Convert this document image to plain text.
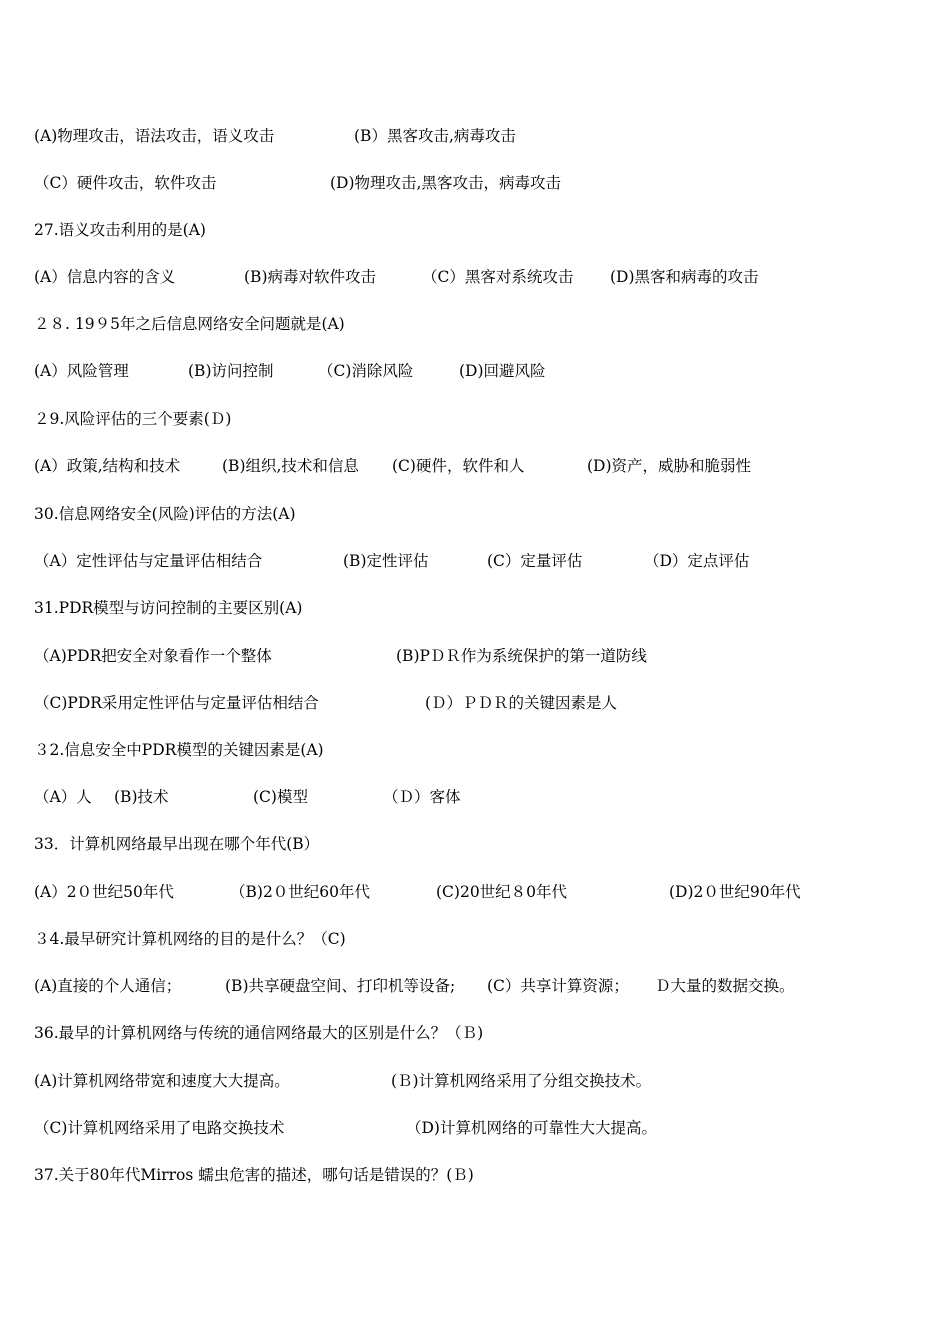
(A)物理攻击，语法攻击，语义攻击	(B）黑客攻击,病毒攻击
（C）硬件攻击，软件攻击	(D)物理攻击,黑客攻击，病毒攻击
27.语义攻击利用的是(A)
(A）信息内容的含义	(B)病毒对软件攻击	（C）黑客对系统攻击 (D)黑客和病毒的攻击
２８. 19９5年之后信息网络安全问题就是(A)
(A）风险管理	(B)访问控制	（C)消除风险	(D)回避风险
２9.风险评估的三个要素(Ｄ)
(A）政策,结构和技术	(B)组织,技术和信息 (C)硬件，软件和人	(D)资产，威胁和脆弱性
30.信息网络安全(风险)评估的方法(A)
（A）定性评估与定量评估相结合	(B)定性评估	(C）定量评估	（D）定点评估
31.PDR模型与访问控制的主要区别(A)
（A)PDR把安全对象看作一个整体	(B)PＤＲ作为系统保护的第一道防线
（C)PDR采用定性评估与定量评估相结合	(Ｄ）ＰＤＲ的关键因素是人
３2.信息安全中PDR模型的关键因素是(A)
（A）人 (B)技术	(C)模型	（Ｄ）客体
33．计算机网络最早出现在哪个年代(B）
(A）2０世纪50年代	（B)2０世纪60年代	(C)20世纪８0年代	(D)2０世纪90年代
３4.最早研究计算机网络的目的是什么？（C)
(A)直接的个人通信；	(B)共享硬盘空间、打印机等设备; (C）共享计算资源； Ｄ大量的数据交换。
36.最早的计算机网络与传统的通信网络最大的区别是什么？（Ｂ)
(A)计算机网络带宽和速度大大提高。	(Ｂ)计算机网络采用了分组交换技术。
（C)计算机网络采用了电路交换技术	（D)计算机网络的可靠性大大提高。
37.关于80年代Mirros 蠕虫危害的描述，哪句话是错误的？(Ｂ)
